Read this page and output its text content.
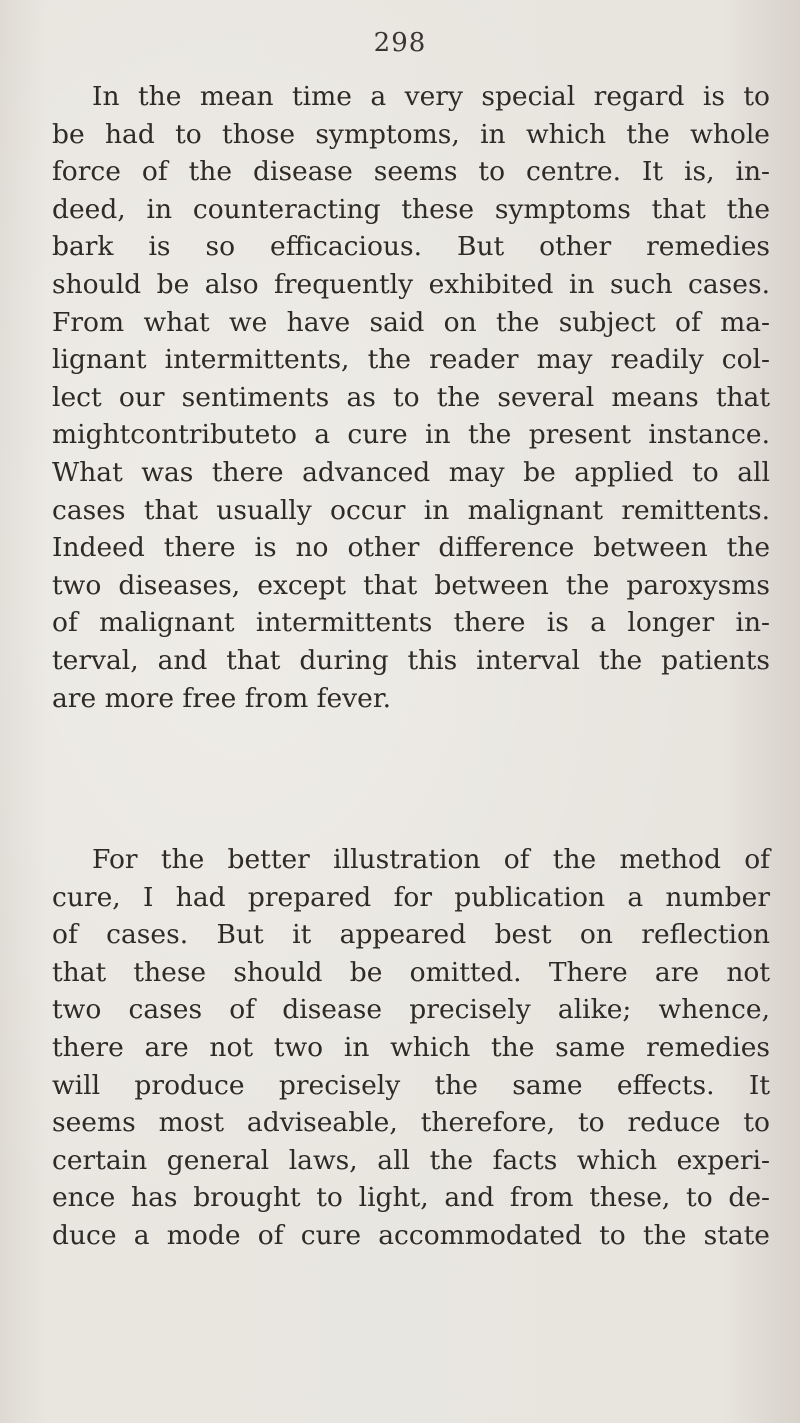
298
In the mean time a very special regard is to
be had to those symptoms, in which the whole
force of the disease seems to centre. It is, in-
deed, in counteracting these symptoms that the
bark is so efficacious. But other remedies
should be also frequently exhibited in such cases.
From what we have said on the subject of ma-
lignant intermittents, the reader may readily col-
lect our sentiments as to the several means that
mightcontributeto a cure in the present instance.
What was there advanced may be applied to all
cases that usually occur in malignant remittents.
Indeed there is no other difference between the
two diseases, except that between the paroxysms
of malignant intermittents there is a longer in-
terval, and that during this interval the patients
are more free from fever.
For the better illustration of the method of
cure, I had prepared for publication a number
of cases. But it appeared best on reflection
that these should be omitted. There are not
two cases of disease precisely alike; whence,
there are not two in which the same remedies
will produce precisely the same effects. It
seems most adviseable, therefore, to reduce to
certain general laws, all the facts which experi-
ence has brought to light, and from these, to de-
duce a mode of cure accommodated to the state
